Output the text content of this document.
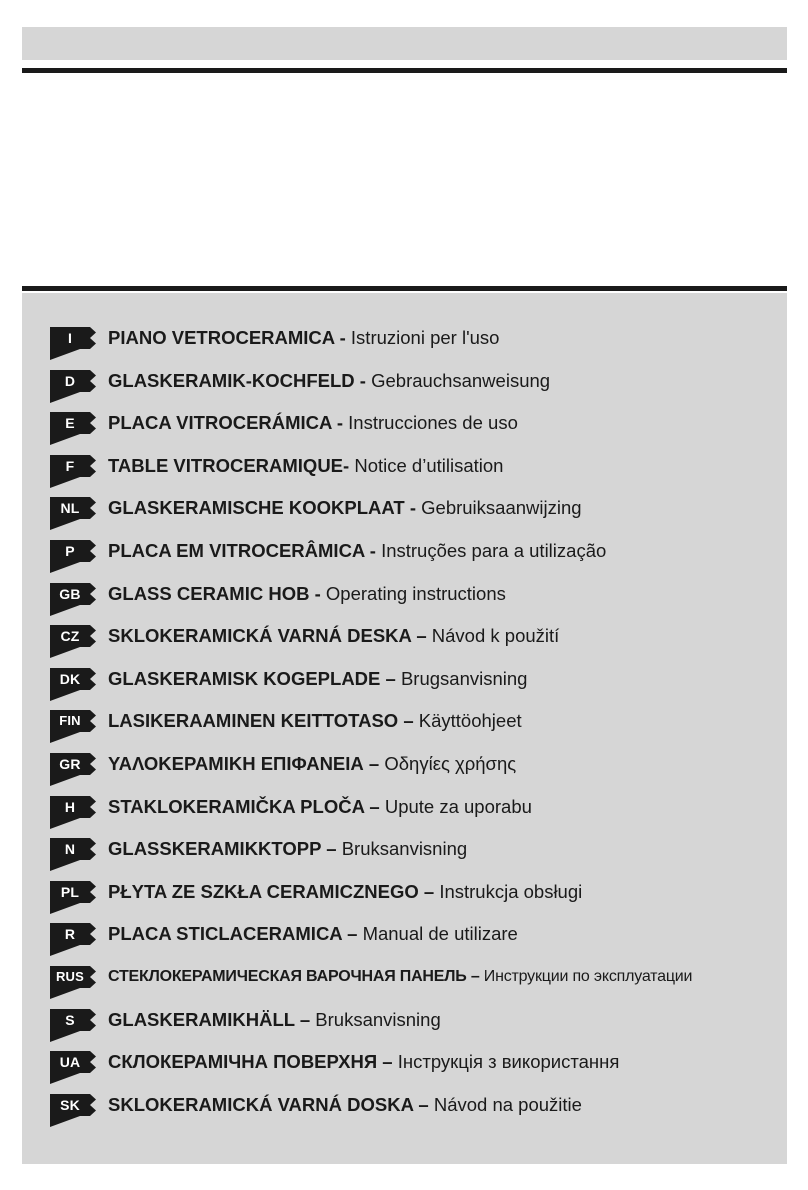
I	PIANO VETROCERAMICA - Istruzioni per l'uso
D	GLASKERAMIK-KOCHFELD - Gebrauchsanweisung
E	PLACA VITROCERÁMICA - Instrucciones de uso
F	TABLE VITROCERAMIQUE- Notice d’utilisation
NL	GLASKERAMISCHE KOOKPLAAT - Gebruiksaanwijzing
P	PLACA EM VITROCERÂMICA - Instruções para a utilização
GB	GLASS CERAMIC HOB - Operating instructions
CZ	SKLOKERAMICKÁ VARNÁ DESKA – Návod k použití
DK	GLASKERAMISK KOGEPLADE – Brugsanvisning
FIN	LASIKERAAMINEN KEITTOTASO – Käyttöohjeet
GR	ΥΑΛΟΚΕΡΑΜΙΚΗ ΕΠΙΦΑΝΕΙΑ – Οδηγίες χρήσης
H	STAKLOKERAMIČKA PLOČA – Upute za uporabu
N	GLASSKERAMIKKTOPP – Bruksanvisning
PL	PŁYTA ZE SZKŁA CERAMICZNEGO – Instrukcja obsługi
R	PLACA STICLACERAMICA – Manual de utilizare
RUS	СТЕКЛОКЕРАМИЧЕСКАЯ ВАРОЧНАЯ ПАНЕЛЬ – Инструкции по эксплуатации
S	GLASKERAMIKHÄLL – Bruksanvisning
UA	СКЛОКЕРАМІЧНА ПОВЕРХНЯ – Інструкція з використання
SK	SKLOKERAMICKÁ VARNÁ DOSKA – Návod na použitie
